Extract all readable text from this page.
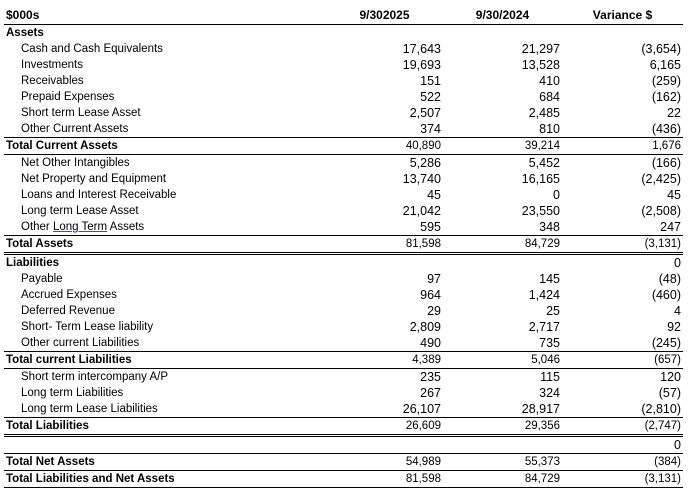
$000s	9/302025	9/30/2024	Variance $
Assets			
Cash and Cash Equivalents	17,643	21,297	(3,654)
Investments	19,693	13,528	6,165
Receivables	151	410	(259)
Prepaid Expenses	522	684	(162)
Short term Lease Asset	2,507	2,485	22
Other Current Assets	374	810	(436)
Total Current Assets	40,890	39,214	1,676
Net Other Intangibles	5,286	5,452	(166)
Net Property and Equipment	13,740	16,165	(2,425)
Loans and Interest Receivable	45	0	45
Long term Lease Asset	21,042	23,550	(2,508)
Other Long Term Assets	595	348	247
Total Assets	81,598	84,729	(3,131)
Liabilities			0
Payable	97	145	(48)
Accrued Expenses	964	1,424	(460)
Deferred Revenue	29	25	4
Short- Term Lease liability	2,809	2,717	92
Other current Liabilities	490	735	(245)
Total current Liabilities	4,389	5,046	(657)
Short term intercompany A/P	235	115	120
Long term Liabilities	267	324	(57)
Long term Lease Liabilities	26,107	28,917	(2,810)
Total Liabilities	26,609	29,356	(2,747)
			0
Total Net Assets	54,989	55,373	(384)
Total Liabilities and Net Assets	81,598	84,729	(3,131)
